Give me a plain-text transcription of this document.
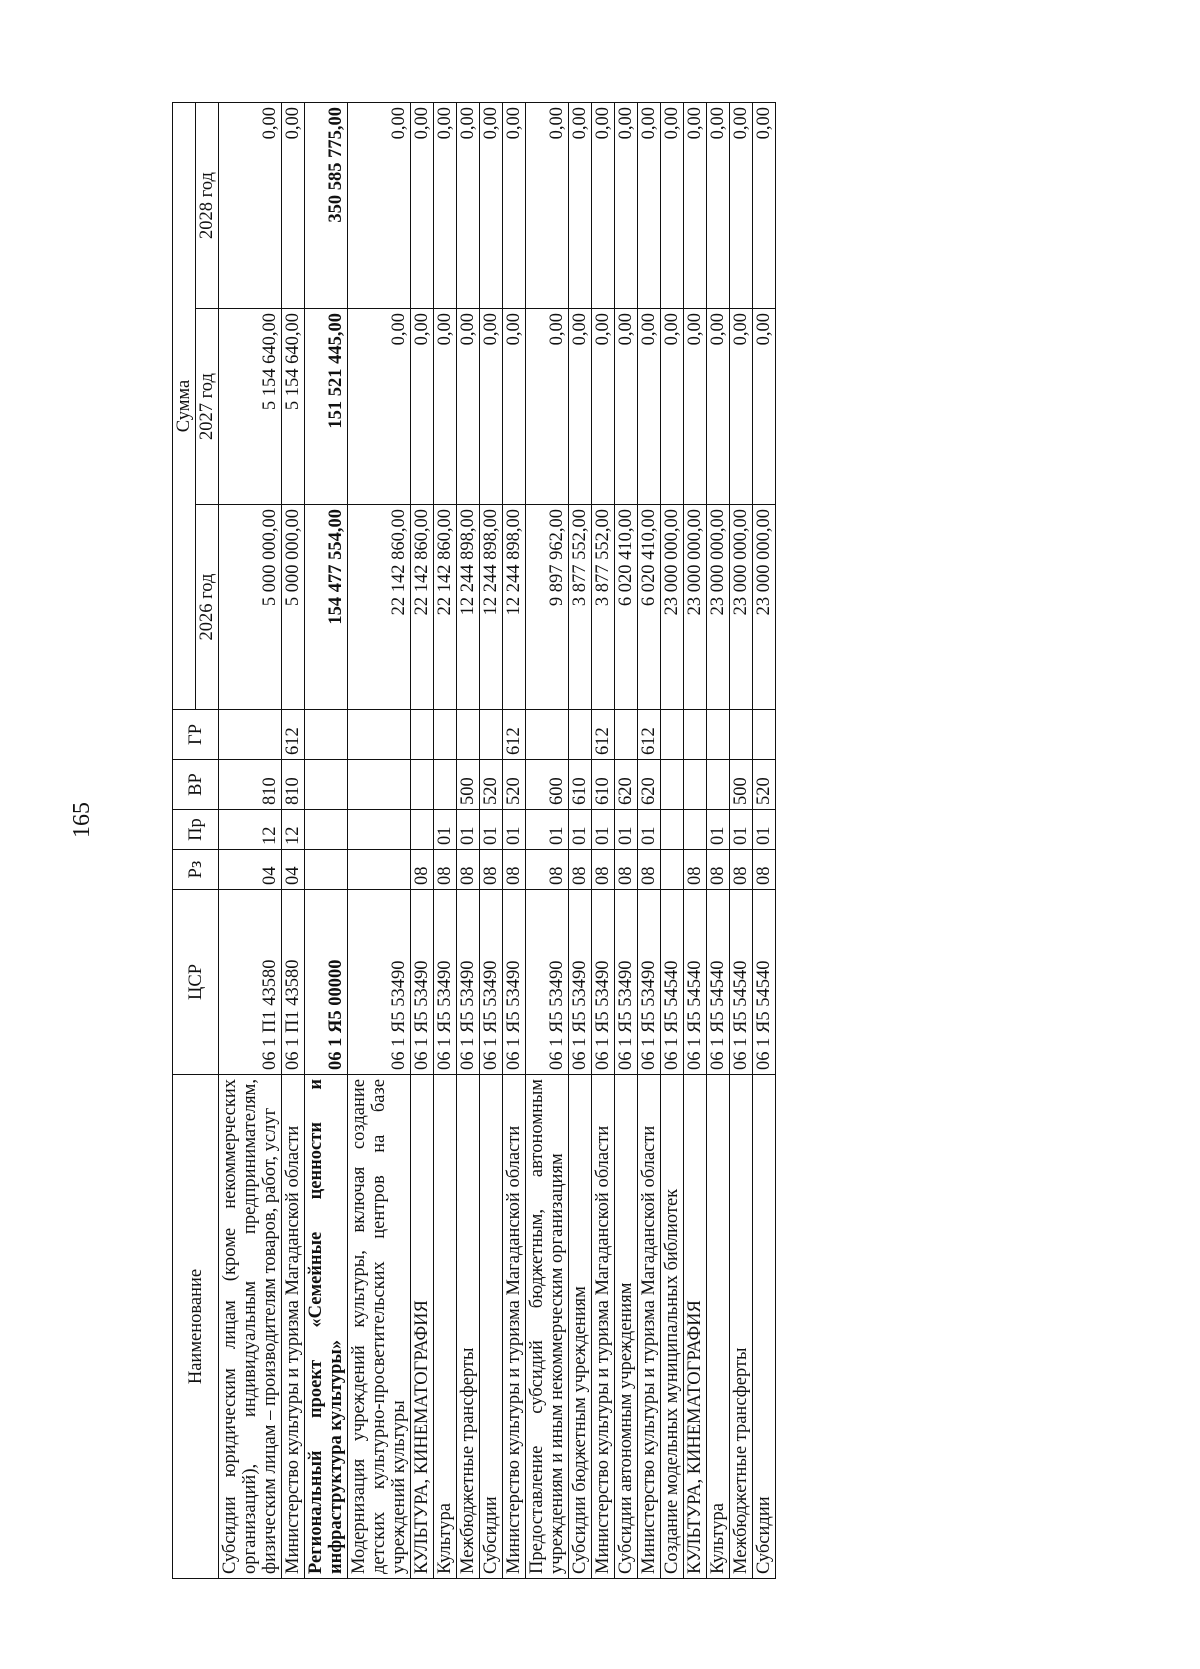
165
Наименование	ЦСР	Рз	Пр	ВР	ГР	Сумма		
						2026 год	2027 год	2028 год
Субсидии юридическим лицам (кроме некоммерческих организаций), индивидуальным предпринимателям, физическим лицам – производителям товаров, работ, услуг	06 1 П1 43580	04	12	810		5 000 000,00	5 154 640,00	0,00
Министерство культуры и туризма Магаданской области	06 1 П1 43580	04	12	810	612	5 000 000,00	5 154 640,00	0,00
Региональный проект «Семейные ценности и инфраструктура культуры»	06 1 Я5 00000					154 477 554,00	151 521 445,00	350 585 775,00
Модернизация учреждений культуры, включая создание детских культурно-просветительских центров на базе учреждений культуры	06 1 Я5 53490					22 142 860,00	0,00	0,00
КУЛЬТУРА, КИНЕМАТОГРАФИЯ	06 1 Я5 53490	08				22 142 860,00	0,00	0,00
Культура	06 1 Я5 53490	08	01			22 142 860,00	0,00	0,00
Межбюджетные трансферты	06 1 Я5 53490	08	01	500		12 244 898,00	0,00	0,00
Субсидии	06 1 Я5 53490	08	01	520		12 244 898,00	0,00	0,00
Министерство культуры и туризма Магаданской области	06 1 Я5 53490	08	01	520	612	12 244 898,00	0,00	0,00
Предоставление субсидий бюджетным, автономным учреждениям и иным некоммерческим организациям	06 1 Я5 53490	08	01	600		9 897 962,00	0,00	0,00
Субсидии бюджетным учреждениям	06 1 Я5 53490	08	01	610		3 877 552,00	0,00	0,00
Министерство культуры и туризма Магаданской области	06 1 Я5 53490	08	01	610	612	3 877 552,00	0,00	0,00
Субсидии автономным учреждениям	06 1 Я5 53490	08	01	620		6 020 410,00	0,00	0,00
Министерство культуры и туризма Магаданской области	06 1 Я5 53490	08	01	620	612	6 020 410,00	0,00	0,00
Создание модельных муниципальных библиотек	06 1 Я5 54540					23 000 000,00	0,00	0,00
КУЛЬТУРА, КИНЕМАТОГРАФИЯ	06 1 Я5 54540	08				23 000 000,00	0,00	0,00
Культура	06 1 Я5 54540	08	01			23 000 000,00	0,00	0,00
Межбюджетные трансферты	06 1 Я5 54540	08	01	500		23 000 000,00	0,00	0,00
Субсидии	06 1 Я5 54540	08	01	520		23 000 000,00	0,00	0,00
